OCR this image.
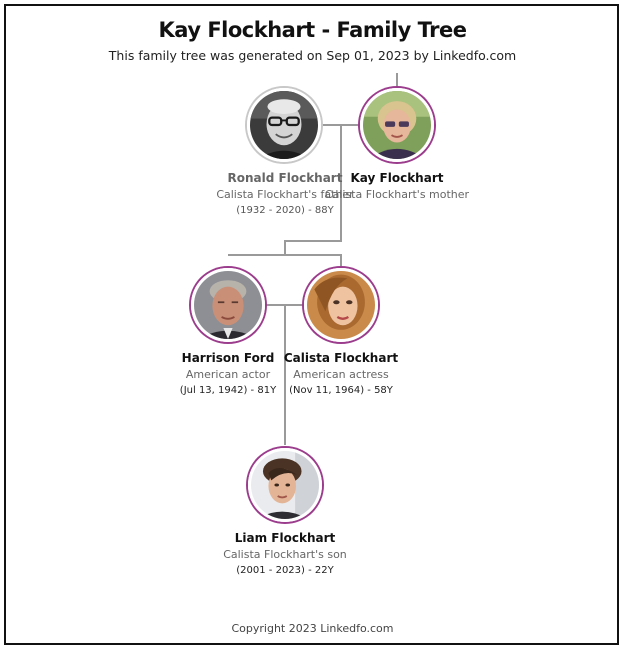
Kay Flockhart - Family Tree
This family tree was generated on Sep 01, 2023 by Linkedfo.com
Ronald Flockhart
Calista Flockhart's father
(1932 - 2020) - 88Y
Kay Flockhart
Calista Flockhart's mother
Harrison Ford
American actor
(Jul 13, 1942) - 81Y
Calista Flockhart
American actress
(Nov 11, 1964) - 58Y
Liam Flockhart
Calista Flockhart's son
(2001 - 2023) - 22Y
Copyright 2023 Linkedfo.com
